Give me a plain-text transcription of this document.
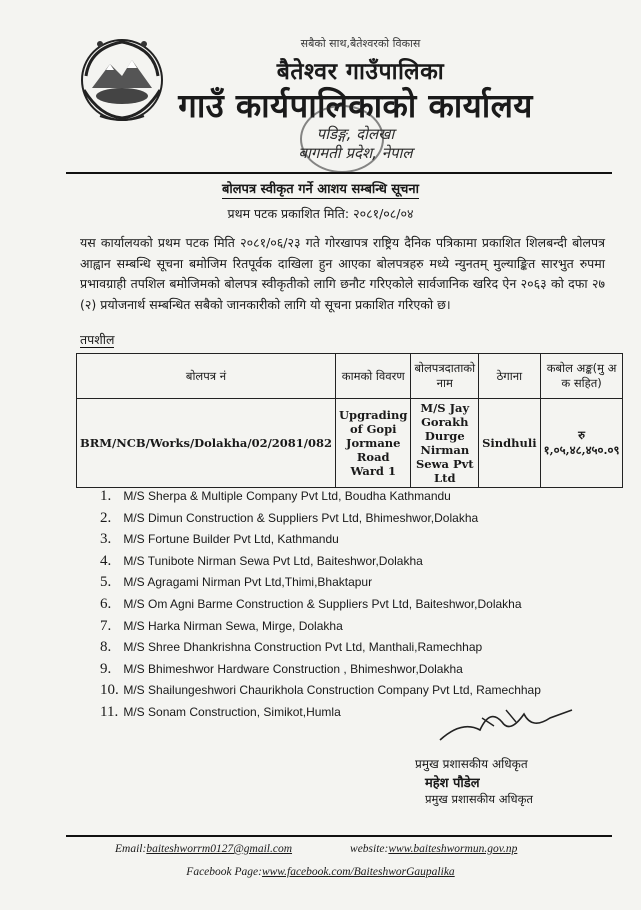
सबैको साथ,बैतेश्वरको विकास
बैतेश्वर गाउँपालिका
गाउँ कार्यपालिकाको कार्यालय
पडिङ्ग, दोलखा
बागमती प्रदेश, नेपाल
बोलपत्र स्वीकृत गर्ने आशय सम्बन्धि सूचना
प्रथम पटक प्रकाशित मिति: २०८१/०८/०४
यस कार्यालयको प्रथम पटक मिति २०८१/०६/२३ गते गोरखापत्र राष्ट्रिय दैनिक पत्रिकामा प्रकाशित शिलबन्दी बोलपत्र आह्वान सम्बन्धि सूचना बमोजिम रितपूर्वक दाखिला हुन आएका बोलपत्रहरु मध्ये न्युनतम् मुल्याङ्कित सारभुत रुपमा प्रभावग्राही तपशिल बमोजिमको बोलपत्र स्वीकृतीको लागि छनौट गरिएकोले सार्वजानिक खरिद ऐन २०६३ को दफा २७ (२) प्रयोजनार्थ सम्बन्धित सबैको जानकारीको लागि यो सूचना प्रकाशित गरिएको छ।
तपशील
बोलपत्र नं	कामको विवरण	बोलपत्रदाताको नाम	ठेगाना	कबोल अङ्क(मु अ क सहित)
BRM/NCB/Works/Dolakha/02/2081/082	Upgrading of Gopi Jormane Road Ward 1	M/S Jay Gorakh Durge Nirman Sewa Pvt Ltd	Sindhuli	रु १,०५,४८,४५०.०९
1. M/S Sherpa & Multiple Company Pvt Ltd, Boudha Kathmandu
2. M/S Dimun Construction & Suppliers Pvt Ltd, Bhimeshwor,Dolakha
3. M/S Fortune Builder Pvt Ltd, Kathmandu
4. M/S Tunibote Nirman Sewa Pvt Ltd, Baiteshwor,Dolakha
5. M/S Agragami Nirman Pvt Ltd,Thimi,Bhaktapur
6. M/S Om Agni Barme Construction & Suppliers Pvt Ltd, Baiteshwor,Dolakha
7. M/S Harka Nirman Sewa, Mirge, Dolakha
8. M/S Shree Dhankrishna Construction Pvt Ltd, Manthali,Ramechhap
9. M/S Bhimeshwor Hardware Construction , Bhimeshwor,Dolakha
10. M/S Shailungeshwori Chaurikhola Construction Company Pvt Ltd, Ramechhap
11. M/S Sonam Construction, Simikot,Humla
प्रमुख प्रशासकीय अधिकृत
महेश पौडेल
प्रमुख प्रशासकीय अधिकृत
Email:baiteshworrm0127@gmail.com	website:www.baiteshwormun.gov.np
Facebook Page:www.facebook.com/BaiteshworGaupalika
